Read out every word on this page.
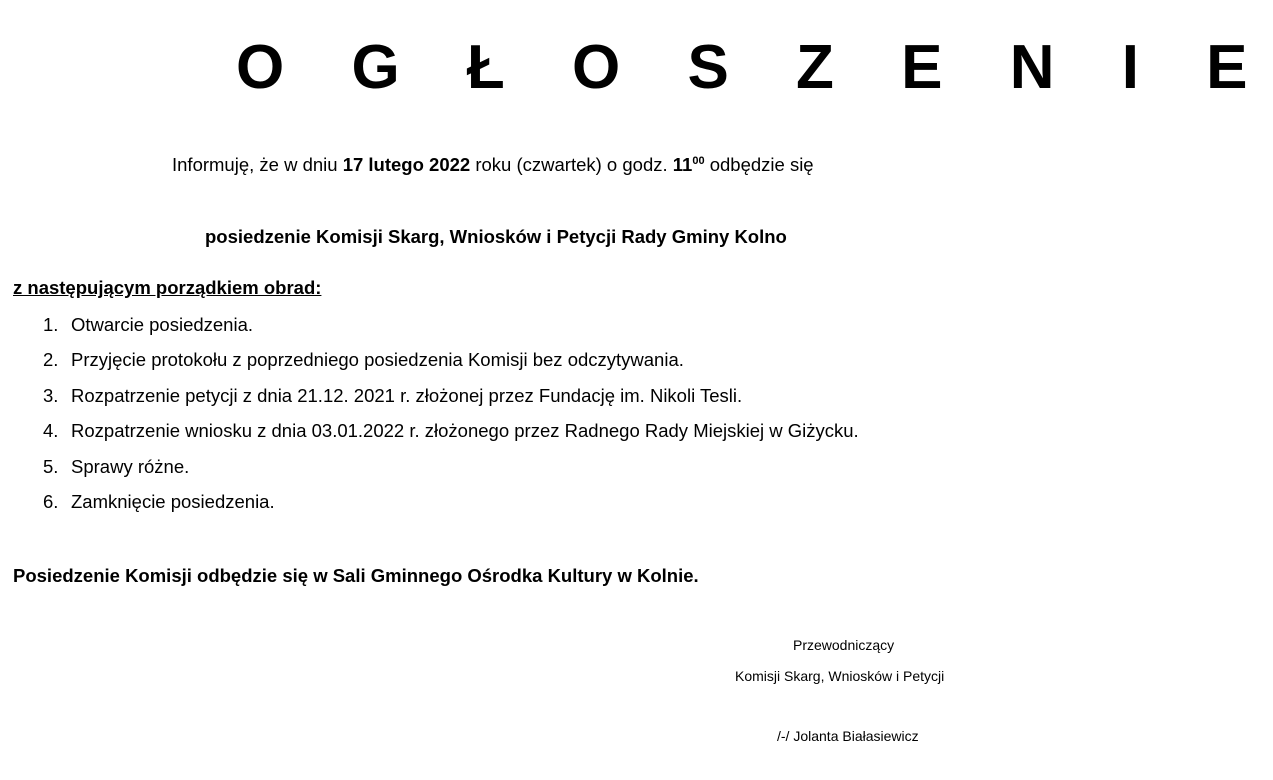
O G Ł O S Z E N I E
Informuję, że w dniu 17 lutego 2022 roku (czwartek) o godz. $11^{00}$ odbędzie się
posiedzenie Komisji Skarg, Wniosków i Petycji Rady Gminy Kolno
z następującym porządkiem obrad:
1. Otwarcie posiedzenia.
2. Przyjęcie protokołu z poprzedniego posiedzenia Komisji bez odczytywania.
3. Rozpatrzenie petycji z dnia 21.12. 2021 r. złożonej przez Fundację im. Nikoli Tesli.
4. Rozpatrzenie wniosku z dnia 03.01.2022 r. złożonego przez Radnego Rady Miejskiej w Giżycku.
5. Sprawy różne.
6. Zamknięcie posiedzenia.
Posiedzenie Komisji odbędzie się w Sali Gminnego Ośrodka Kultury w Kolnie.
Przewodniczący
Komisji Skarg, Wniosków i Petycji
/-/ Jolanta Białasiewicz
